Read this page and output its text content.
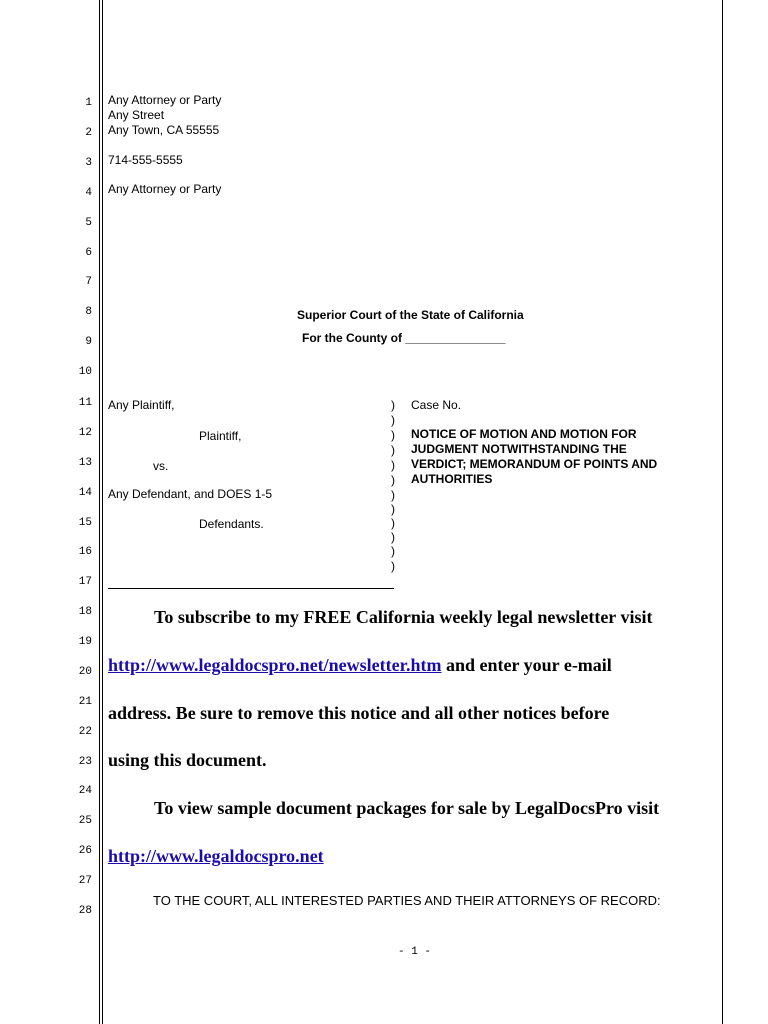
1
2
3
4
5
6
7
8
9
10
11
12
13
14
15
16
17
18
19
20
21
22
23
24
25
26
27
28
Any Attorney or Party
Any Street
Any Town, CA 55555
714-555-5555
Any Attorney or Party
Superior Court of the State of California
For the County of _______________
Any Plaintiff,
Plaintiff,
vs.
Any Defendant, and DOES 1-5
Defendants.
)
)
)
)
)
)
)
)
)
)
)
)
Case No.
NOTICE OF MOTION AND MOTION FOR
JUDGMENT NOTWITHSTANDING THE
VERDICT; MEMORANDUM OF POINTS AND
AUTHORITIES
To subscribe to my FREE California weekly legal newsletter visit
http://www.legaldocspro.net/newsletter.htm and enter your e-mail
address. Be sure to remove this notice and all other notices before
using this document.
To view sample document packages for sale by LegalDocsPro visit
http://www.legaldocspro.net
TO THE COURT, ALL INTERESTED PARTIES AND THEIR ATTORNEYS OF RECORD:
- 1 -
